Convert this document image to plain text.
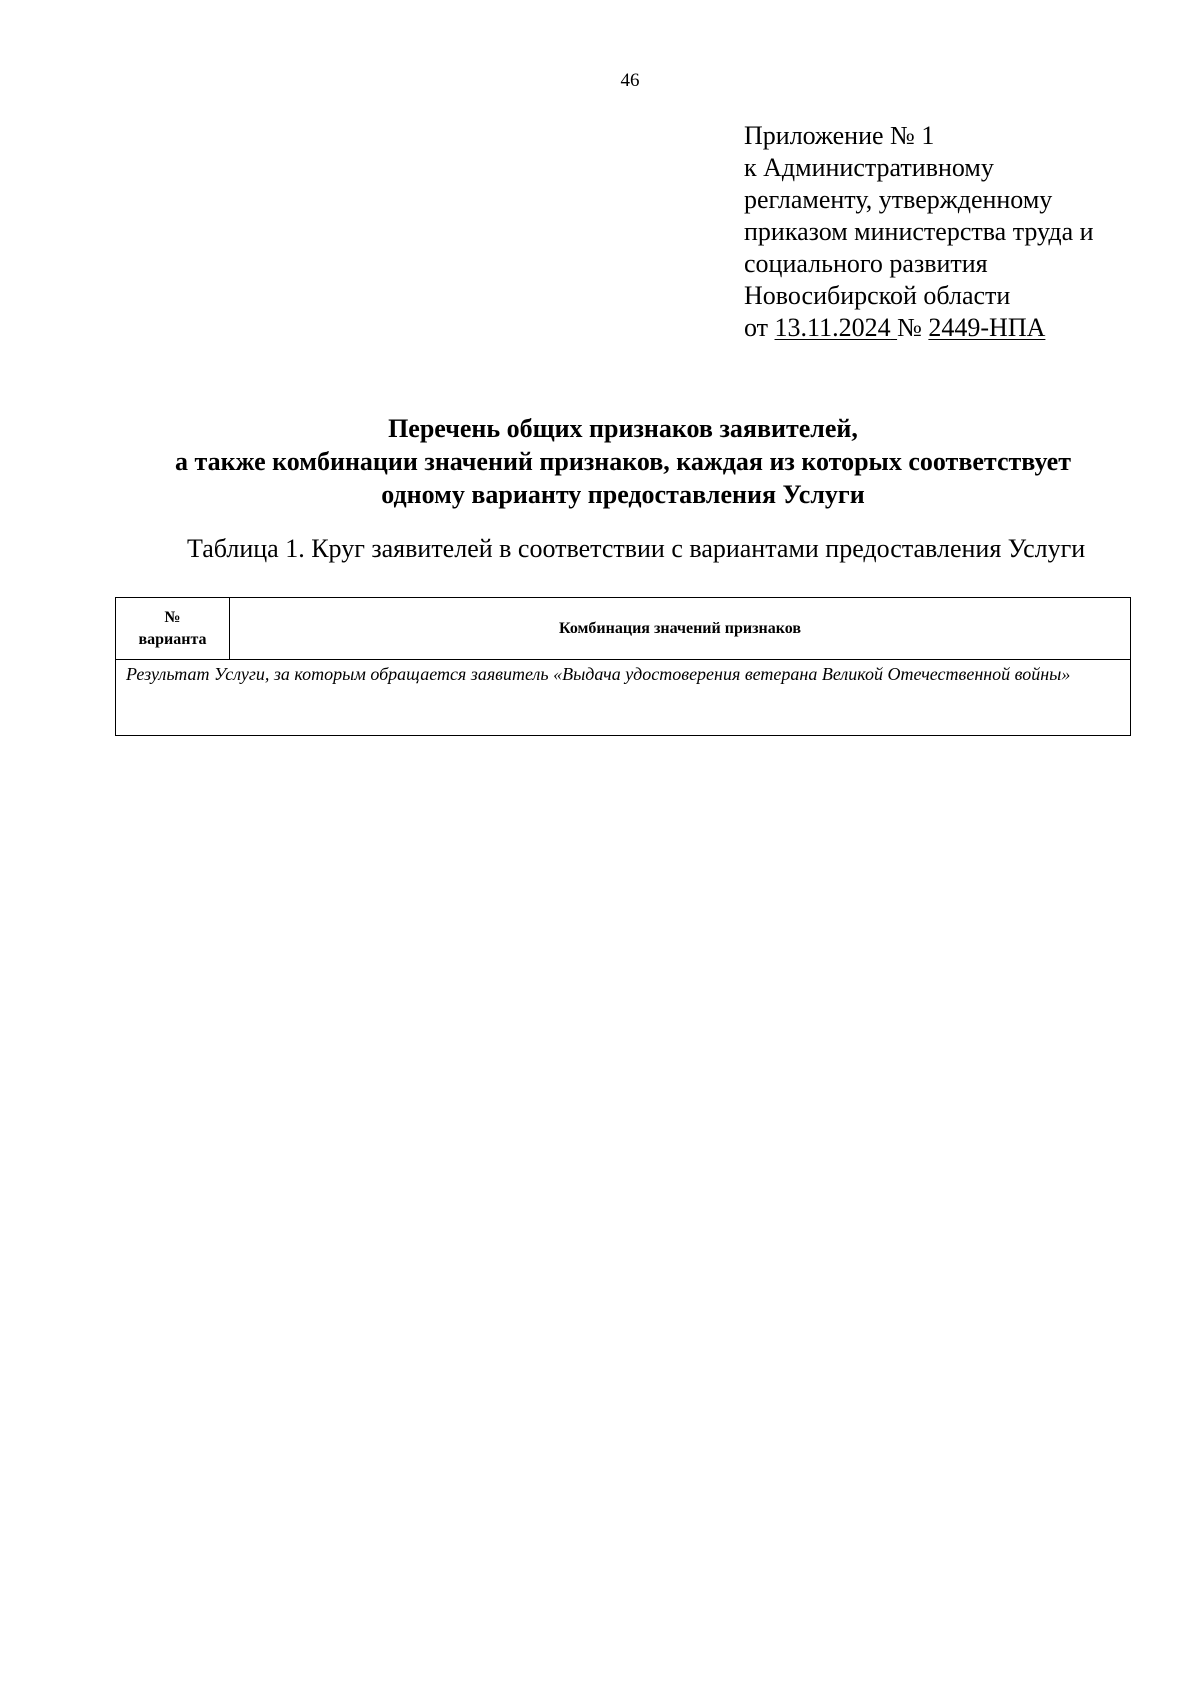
46
Приложение № 1
к Административному
регламенту, утвержденному
приказом министерства труда и
социального развития
Новосибирской области
от 13.11.2024 № 2449-НПА
Перечень общих признаков заявителей,
а также комбинации значений признаков, каждая из которых соответствует
одному варианту предоставления Услуги
Таблица 1. Круг заявителей в соответствии с вариантами предоставления Услуги
№
варианта	Комбинация значений признаков
Результат Услуги, за которым обращается заявитель «Выдача удостоверения ветерана Великой Отечественной войны»
